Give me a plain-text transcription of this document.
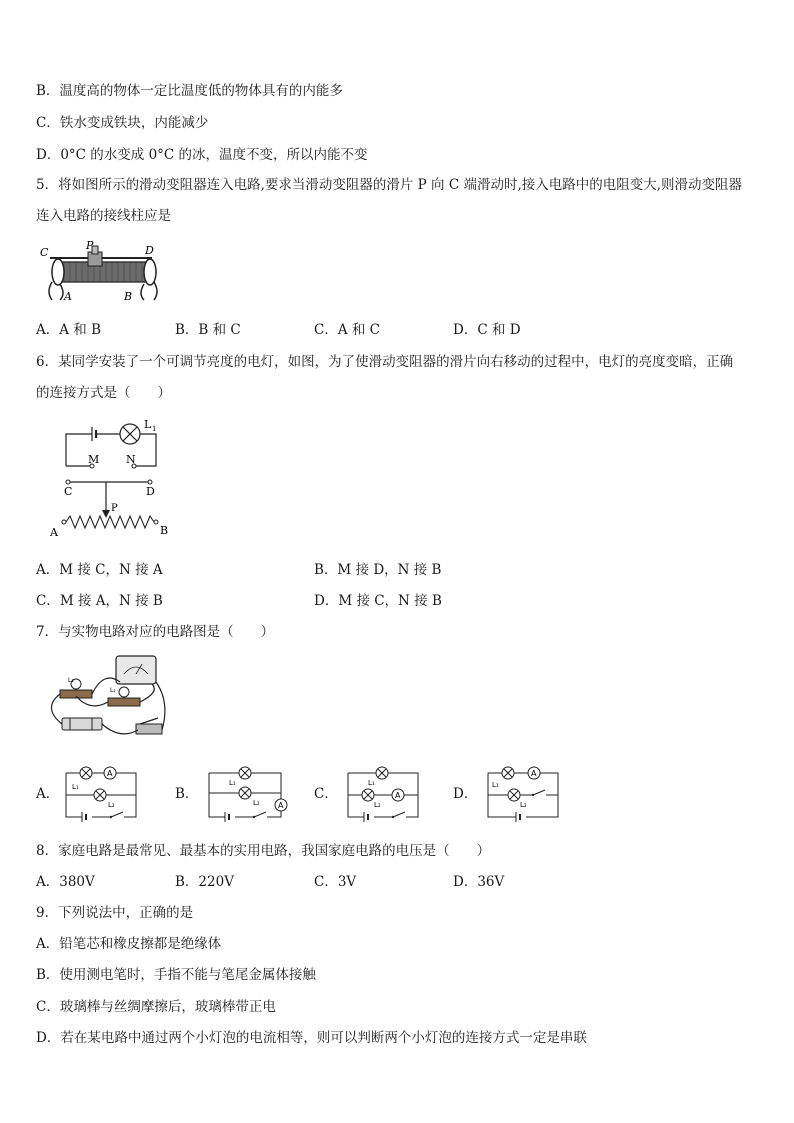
B．温度高的物体一定比温度低的物体具有的内能多
C．铁水变成铁块，内能减少
D．0°C 的水变成 0°C 的冰，温度不变，所以内能不变
5．将如图所示的滑动变阻器连入电路,要求当滑动变阻器的滑片 P 向 C 端滑动时,接入电路中的电阻变大,则滑动变阻器
连入电路的接线柱应是
C
P	D
A	B
A．A 和 B	B．B 和 C	C．A 和 C	D．C 和 D
6．某同学安装了一个可调节亮度的电灯，如图，为了使滑动变阻器的滑片向右移动的过程中，电灯的亮度变暗，正确
的连接方式是（　　）
L 1
M N
C	D
P
A	B
A．M 接 C，N 接 A	B．M 接 D，N 接 B
C．M 接 A，N 接 B	D．M 接 C，N 接 B
7．与实物电路对应的电路图是（　　）
L₁
L₂
A．
A
L₁
L₂
B．
A
L₁
L₂
C．	A
L₁
L₂
D．
A
L₁
L₂
8．家庭电路是最常见、最基本的实用电路，我国家庭电路的电压是（　　）
A．380V	B．220V	C．3V	D．36V
9．下列说法中，正确的是
A．铅笔芯和橡皮擦都是绝缘体
B．使用测电笔时，手指不能与笔尾金属体接触
C．玻璃棒与丝绸摩擦后，玻璃棒带正电
D．若在某电路中通过两个小灯泡的电流相等，则可以判断两个小灯泡的连接方式一定是串联
